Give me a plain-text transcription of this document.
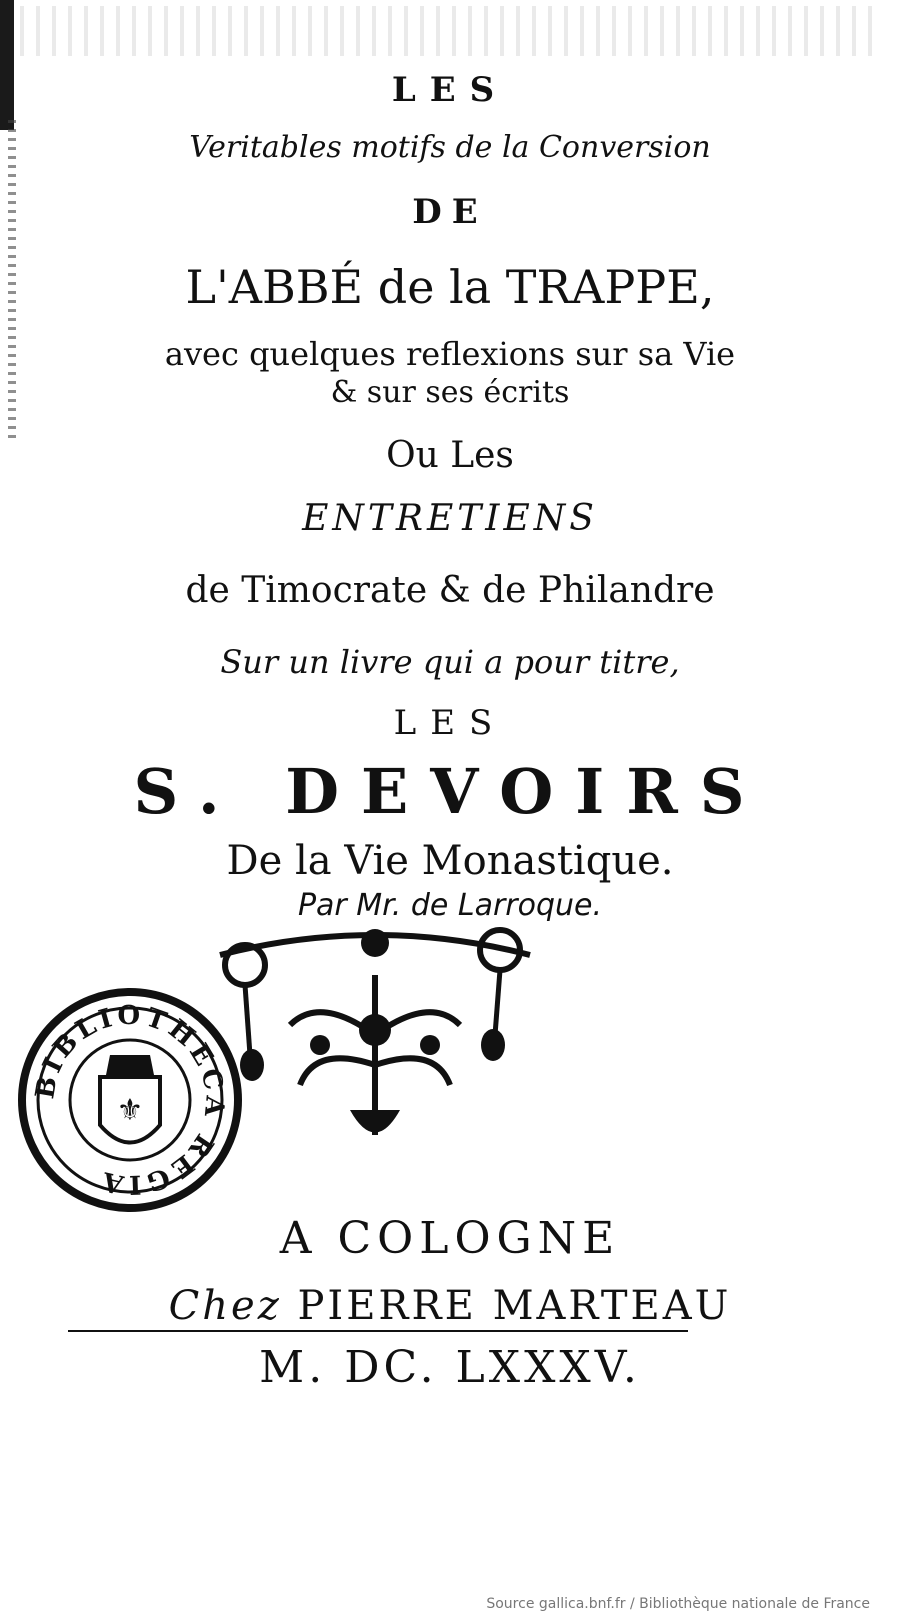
LES
Veritables motifs de la Conversion
DE
L'ABBÉ de la TRAPPE,
avec quelques reflexions sur sa Vie
& sur ses écrits
Ou Les
ENTRETIENS
de Timocrate & de Philandre
Sur un livre qui a pour titre,
LES
S. DEVOIRS
De la Vie Monastique.
Par Mr. de Larroque.
BIBLIOTHECA REGIA
⚜
A COLOGNE
Chez PIERRE MARTEAU
M. DC. LXXXV.
Source gallica.bnf.fr / Bibliothèque nationale de France
